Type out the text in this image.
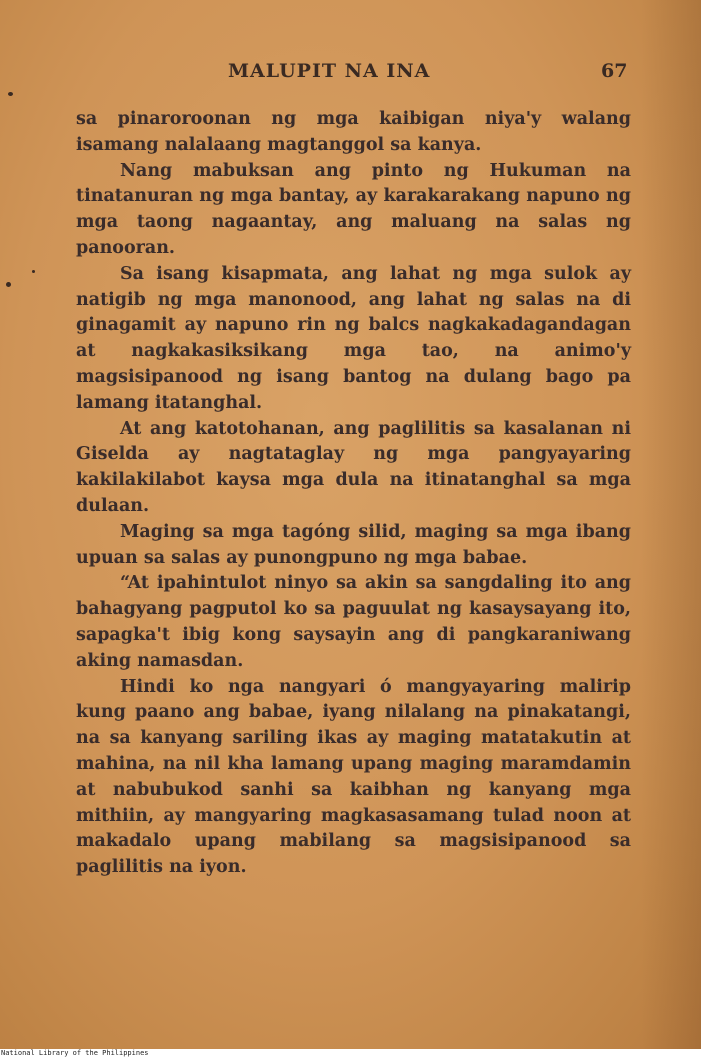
MALUPIT NA INA	67

sa pinaroroonan ng mga kaibigan niya'y walang isamang nalalaang magtanggol sa kanya.

Nang mabuksan ang pinto ng Hukuman na tinatanuran ng mga bantay, ay karakarakang napuno ng mga taong nagaantay, ang maluang na salas ng panooran.

Sa isang kisapmata, ang lahat ng mga sulok ay natigib ng mga manonood, ang lahat ng salas na di ginagamit ay napuno rin ng balcs nagkakadagandagan at nagkakasiksikang mga tao, na animo'y magsisipanood ng isang bantog na dulang bago pa lamang itatanghal.

At ang katotohanan, ang paglilitis sa kasalanan ni Giselda ay nagtataglay ng mga pangyayaring kakilakilabot kaysa mga dula na itinatanghal sa mga dulaan.

Maging sa mga tagóng silid, maging sa mga ibang upuan sa salas ay punongpuno ng mga babae.

“At ipahintulot ninyo sa akin sa sangdaling ito ang bahagyang pagputol ko sa paguulat ng kasaysayang ito, sapagka't ibig kong saysayin ang di pangkaraniwang aking namasdan.

Hindi ko nga nangyari ó mangyayaring malirip kung paano ang babae, iyang nilalang na pinakatangi, na sa kanyang sariling ikas ay maging matatakutin at mahina, na nil kha lamang upang maging maramdamin at nabubukod sanhi sa kaibhan ng kanyang mga mithiin, ay mangyaring magkasasamang tulad noon at makadalo upang mabilang sa magsisipanood sa paglilitis na iyon.

National Library of the Philippines
